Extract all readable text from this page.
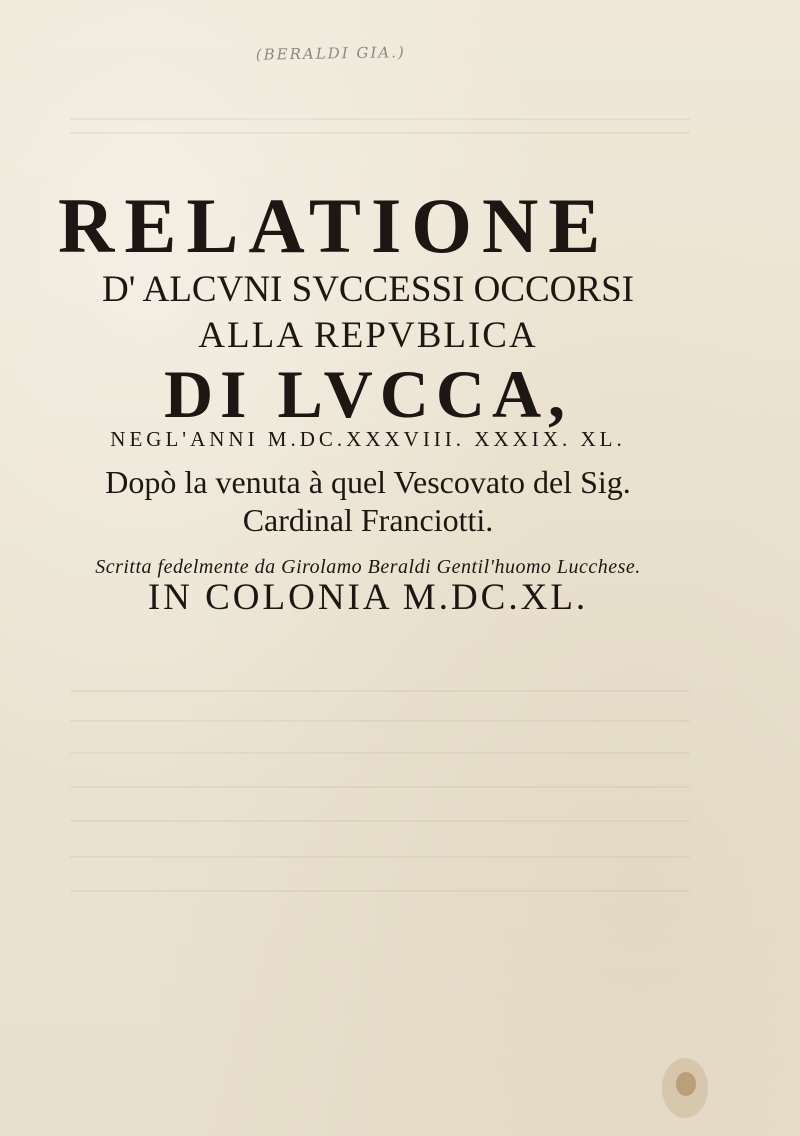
(BERALDI GIA.)

RELATIONE

D' ALCVNI SVCCESSI OCCORSI

ALLA REPVBLICA

DI LVCCA,

NEGL'ANNI M.DC.XXXVIII. XXXIX. XL.

Dopò la venuta à quel Vescovato del Sig.

Cardinal Franciotti.

Scritta fedelmente da Girolamo Beraldi Gentil'huomo Lucchese.

IN COLONIA M.DC.XL.
